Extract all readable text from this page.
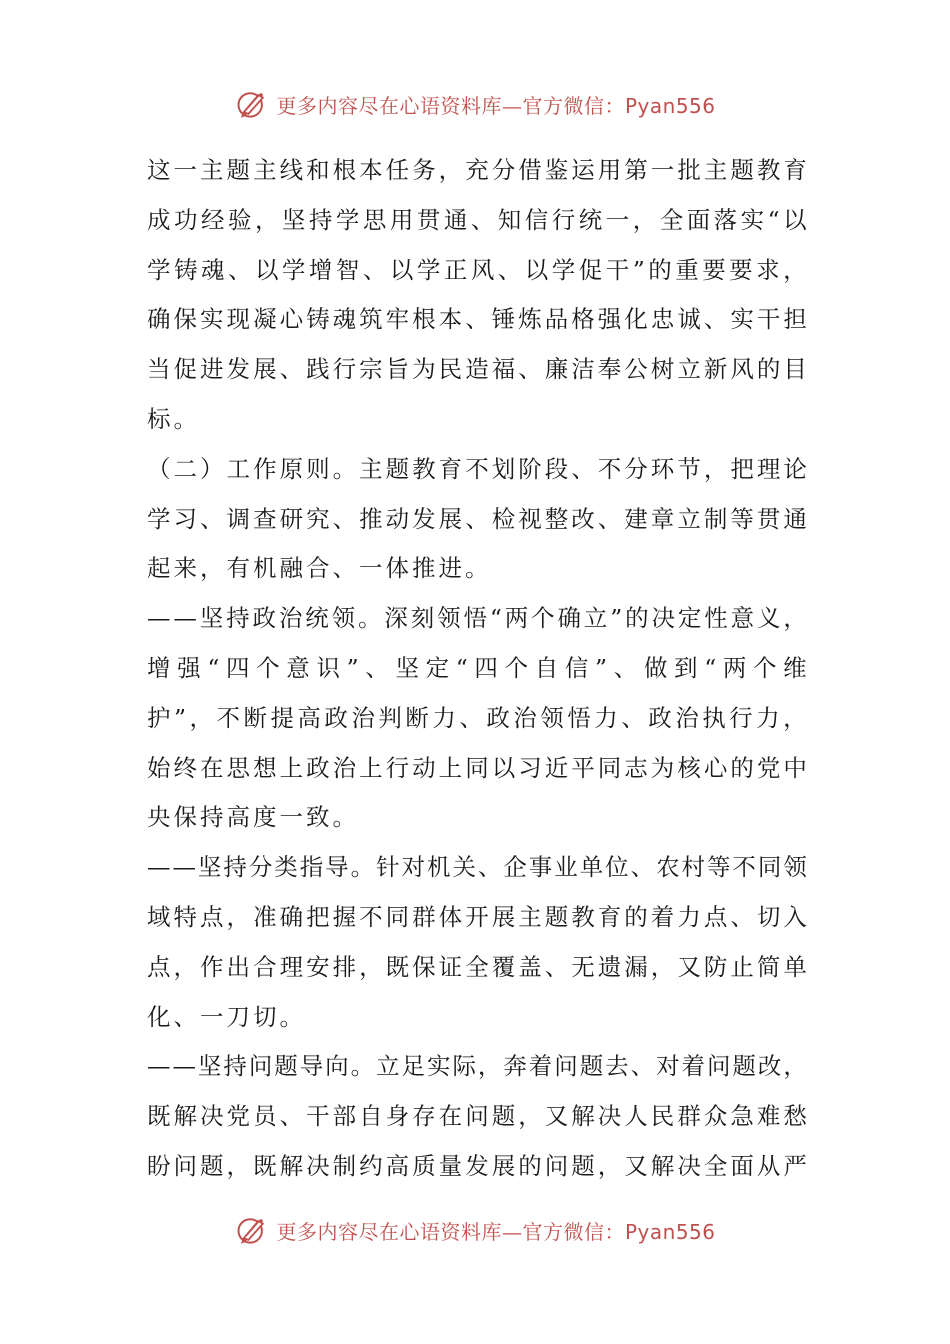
更多内容尽在心语资料库—官方微信：Pyan556
这 一 主 题 主 线 和 根 本 任 务 ， 充 分 借 鉴 运 用 第 一 批 主 题 教 育
成 功 经 验 ， 坚 持 学 思 用 贯 通 、 知 信 行 统 一 ， 全 面 落 实 “ 以
学 铸 魂 、 以 学 增 智 、 以 学 正 风 、 以 学 促 干 ” 的 重 要 要 求 ，
确 保 实 现 凝 心 铸 魂 筑 牢 根 本 、 锤 炼 品 格 强 化 忠 诚 、 实 干 担
当 促 进 发 展 、 践 行 宗 旨 为 民 造 福 、 廉 洁 奉 公 树 立 新 风 的 目
标。
（ 二 ） 工 作 原 则 。 主 题 教 育 不 划 阶 段 、 不 分 环 节 ， 把 理 论
学 习 、 调 查 研 究 、 推 动 发 展 、 检 视 整 改 、 建 章 立 制 等 贯 通
起来，有机融合、一体推进。
— — 坚 持 政 治 统 领 。 深 刻 领 悟 “ 两 个 确 立 ” 的 决 定 性 意 义 ，
增 强 “ 四 个 意 识 ” 、 坚 定 “ 四 个 自 信 ” 、 做 到 “ 两 个 维
护 ” ， 不 断 提 高 政 治 判 断 力 、 政 治 领 悟 力 、 政 治 执 行 力 ，
始 终 在 思 想 上 政 治 上 行 动 上 同 以 习 近 平 同 志 为 核 心 的 党 中
央保持高度一致。
— — 坚 持 分 类 指 导 。 针 对 机 关 、 企 事 业 单 位 、 农 村 等 不 同 领
域 特 点 ， 准 确 把 握 不 同 群 体 开 展 主 题 教 育 的 着 力 点 、 切 入
点 ， 作 出 合 理 安 排 ， 既 保 证 全 覆 盖 、 无 遗 漏 ， 又 防 止 简 单
化、一刀切。
— — 坚 持 问 题 导 向 。 立 足 实 际 ， 奔 着 问 题 去 、 对 着 问 题 改 ，
既 解 决 党 员 、 干 部 自 身 存 在 问 题 ， 又 解 决 人 民 群 众 急 难 愁
盼 问 题 ， 既 解 决 制 约 高 质 量 发 展 的 问 题 ， 又 解 决 全 面 从 严
更多内容尽在心语资料库—官方微信：Pyan556
